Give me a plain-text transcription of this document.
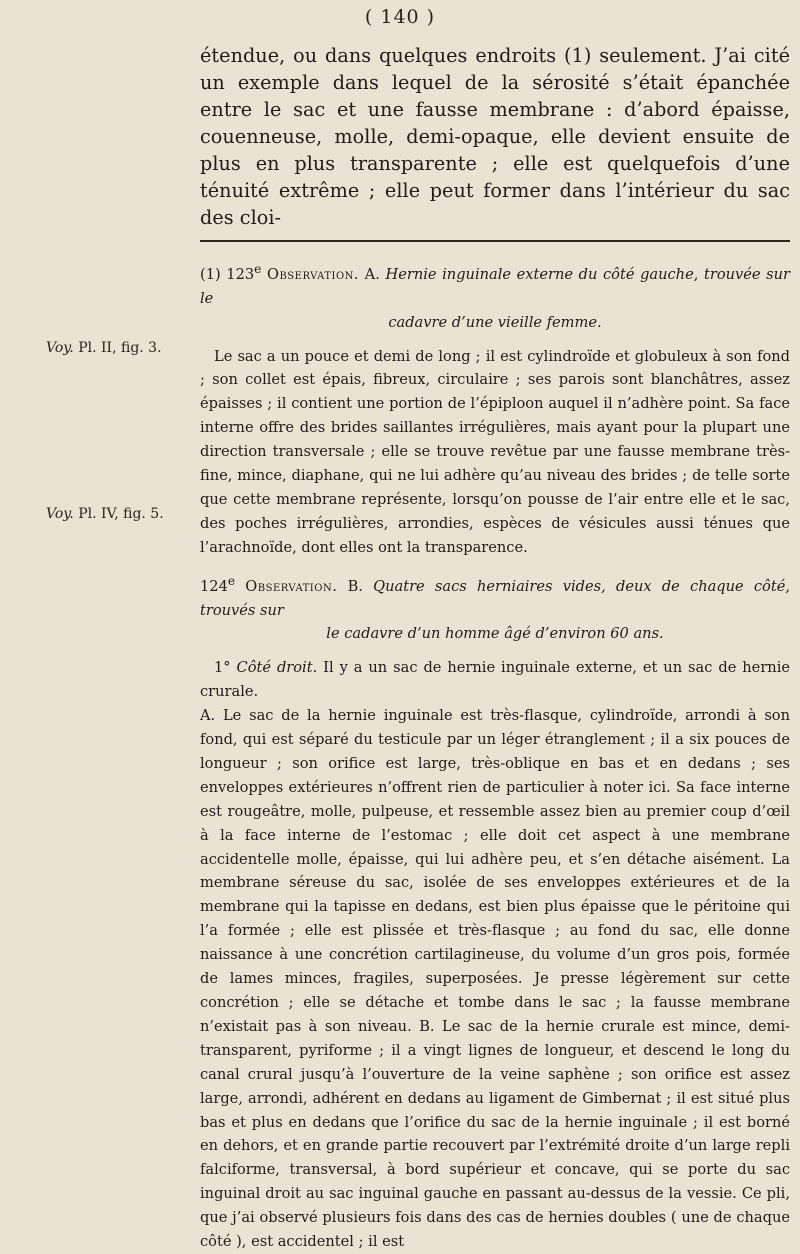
( 140 )

étendue, ou dans quelques endroits (1) seulement. J’ai cité un exemple dans lequel de la sérosité s’était épanchée entre le sac et une fausse membrane : d’abord épaisse, couenneuse, molle, demi-opaque, elle devient ensuite de plus en plus transparente ; elle est quelquefois d’une ténuité extrême ; elle peut former dans l’intérieur du sac des cloi-

Voy. Pl. II, fig. 3.
Voy. Pl. IV, fig. 5.

(1) 123e Observation. A. Hernie inguinale externe du côté gauche, trouvée sur le

cadavre d’une vieille femme.

Le sac a un pouce et demi de long ; il est cylindroïde et globuleux à son fond ; son collet est épais, fibreux, circulaire ; ses parois sont blanchâtres, assez épaisses ; il contient une portion de l’épiploon auquel il n’adhère point. Sa face interne offre des brides saillantes irrégulières, mais ayant pour la plupart une direction transversale ; elle se trouve revêtue par une fausse membrane très-fine, mince, diaphane, qui ne lui adhère qu’au niveau des brides ; de telle sorte que cette membrane représente, lorsqu’on pousse de l’air entre elle et le sac, des poches irrégulières, arrondies, espèces de vésicules aussi ténues que l’arachnoïde, dont elles ont la transparence.

124e Observation. B. Quatre sacs herniaires vides, deux de chaque côté, trouvés sur

le cadavre d’un homme âgé d’environ 60 ans.

1° Côté droit. Il y a un sac de hernie inguinale externe, et un sac de hernie crurale.

A. Le sac de la hernie inguinale est très-flasque, cylindroïde, arrondi à son fond, qui est séparé du testicule par un léger étranglement ; il a six pouces de longueur ; son orifice est large, très-oblique en bas et en dedans ; ses enveloppes extérieures n’offrent rien de particulier à noter ici. Sa face interne est rougeâtre, molle, pulpeuse, et ressemble assez bien au premier coup d’œil à la face interne de l’estomac ; elle doit cet aspect à une membrane accidentelle molle, épaisse, qui lui adhère peu, et s’en détache aisément. La membrane séreuse du sac, isolée de ses enveloppes extérieures et de la membrane qui la tapisse en dedans, est bien plus épaisse que le péritoine qui l’a formée ; elle est plissée et très-flasque ; au fond du sac, elle donne naissance à une concrétion cartilagineuse, du volume d’un gros pois, formée de lames minces, fragiles, superposées. Je presse légèrement sur cette concrétion ; elle se détache et tombe dans le sac ; la fausse membrane n’existait pas à son niveau. B. Le sac de la hernie crurale est mince, demi-transparent, pyriforme ; il a vingt lignes de longueur, et descend le long du canal crural jusqu’à l’ouverture de la veine saphène ; son orifice est assez large, arrondi, adhérent en dedans au ligament de Gimbernat ; il est situé plus bas et plus en dedans que l’orifice du sac de la hernie inguinale ; il est borné en dehors, et en grande partie recouvert par l’extrémité droite d’un large repli falciforme, transversal, à bord supérieur et concave, qui se porte du sac inguinal droit au sac inguinal gauche en passant au-dessus de la vessie. Ce pli, que j’ai observé plusieurs fois dans des cas de hernies doubles ( une de chaque côté ), est accidentel ; il est
